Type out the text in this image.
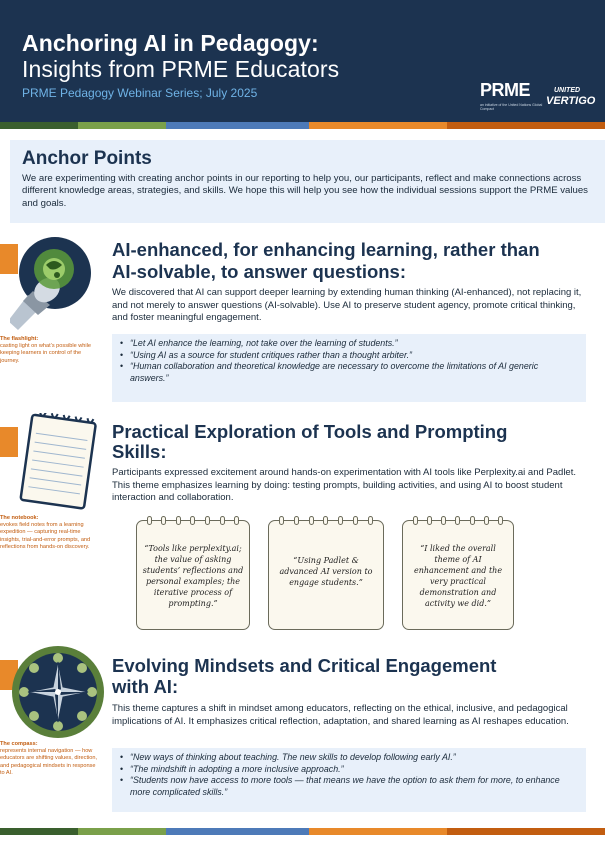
Anchoring AI in Pedagogy:
Insights from PRME Educators
PRME Pedagogy Webinar Series; July 2025	PRME
an initiative of the United Nations Global Compact
UNITED
VERTIGO
Anchor Points
We are experimenting with creating anchor points in our reporting to help you, our participants, reflect and make connections across different knowledge areas, strategies, and skills. We hope this will help you see how the individual sessions support the PRME values and goals.
AI-enhanced, for enhancing learning, rather than
AI-solvable, to answer questions:
We discovered that AI can support deeper learning by extending human thinking (AI-enhanced), not replacing it, and not merely to answer questions (AI-solvable). Use AI to preserve student agency, promote critical thinking, and foster meaningful engagement.
The flashlight:
casting light on what’s possible while keeping learners in control of the journey.
• “Let AI enhance the learning, not take over the learning of students.”
• “Using AI as a source for student critiques rather than a thought arbiter.”
• “Human collaboration and theoretical knowledge are necessary to overcome the limitations of AI generic answers.”
Practical Exploration of Tools and Prompting
Skills:
Participants expressed excitement around hands-on experimentation with AI tools like Perplexity.ai and Padlet. This theme emphasizes learning by doing: testing prompts, building activities, and using AI to boost student interaction and collaboration.
The notebook:
evokes field notes from a learning expedition — capturing real-time insights, trial-and-error prompts, and reflections from hands-on discovery.	“Tools like perplexity.ai; the value of asking students’ reflections and personal examples; the iterative process of prompting.”
“Using Padlet & advanced AI version to engage students.”
“I liked the overall theme of AI enhancement and the very practical demonstration and activity we did.”
Evolving Mindsets and Critical Engagement
with AI:
This theme captures a shift in mindset among educators, reflecting on the ethical, inclusive, and pedagogical implications of AI. It emphasizes critical reflection, adaptation, and shared learning as AI reshapes education.
The compass:
represents internal navigation — how educators are shifting values, direction, and pedagogical mindsets in response to AI.
• “New ways of thinking about teaching. The new skills to develop following early AI.”
• “The mindshift in adopting a more inclusive approach.”
• “Students now have access to more tools — that means we have the option to ask them for more, to enhance more complicated skills.”
